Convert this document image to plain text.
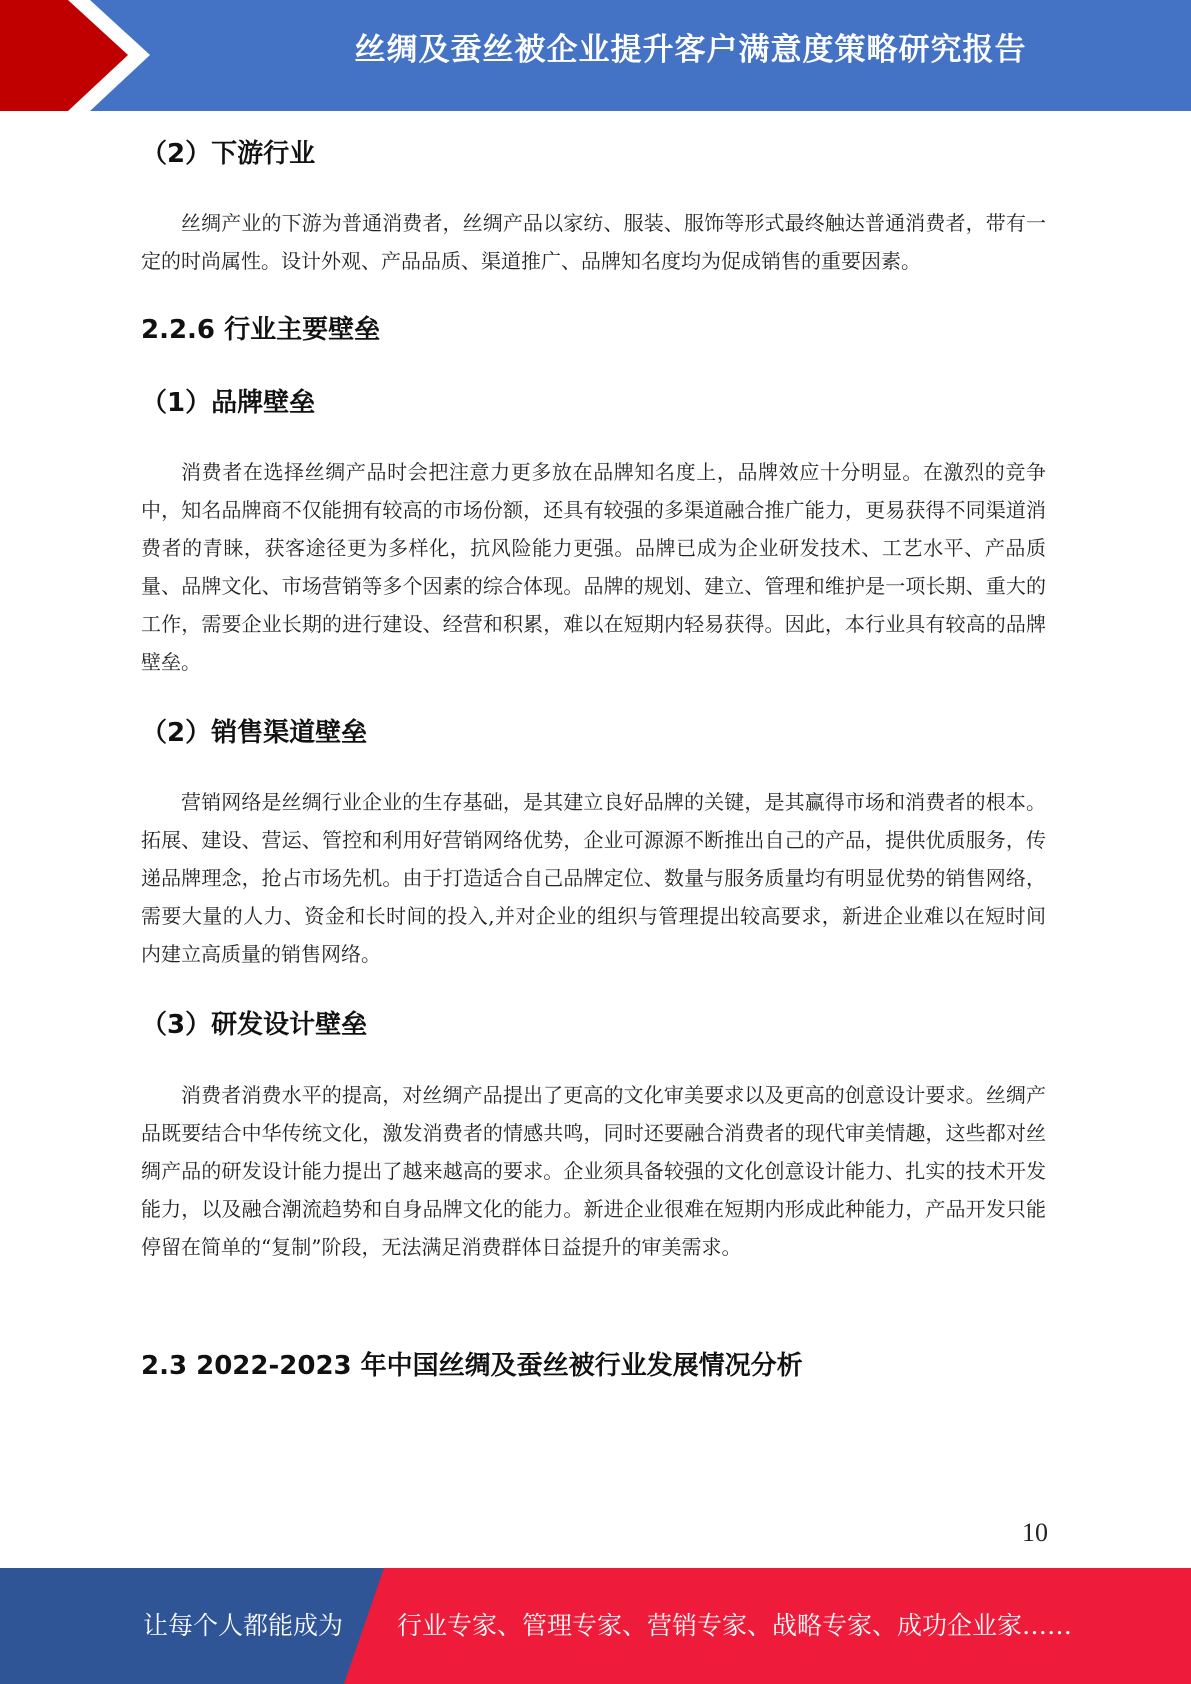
丝绸及蚕丝被企业提升客户满意度策略研究报告
（2）下游行业

丝绸产业的下游为普通消费者，丝绸产品以家纺、服装、服饰等形式最终触达普通消费者，带有一定的时尚属性。设计外观、产品品质、渠道推广、品牌知名度均为促成销售的重要因素。

2.2.6 行业主要壁垒
（1）品牌壁垒

消费者在选择丝绸产品时会把注意力更多放在品牌知名度上，品牌效应十分明显。在激烈的竞争中，知名品牌商不仅能拥有较高的市场份额，还具有较强的多渠道融合推广能力，更易获得不同渠道消费者的青睐，获客途径更为多样化，抗风险能力更强。品牌已成为企业研发技术、工艺水平、产品质量、品牌文化、市场营销等多个因素的综合体现。品牌的规划、建立、管理和维护是一项长期、重大的工作，需要企业长期的进行建设、经营和积累，难以在短期内轻易获得。因此，本行业具有较高的品牌壁垒。

（2）销售渠道壁垒

营销网络是丝绸行业企业的生存基础，是其建立良好品牌的关键，是其赢得市场和消费者的根本。拓展、建设、营运、管控和利用好营销网络优势，企业可源源不断推出自己的产品，提供优质服务，传递品牌理念，抢占市场先机。由于打造适合自己品牌定位、数量与服务质量均有明显优势的销售网络，需要大量的人力、资金和长时间的投入,并对企业的组织与管理提出较高要求，新进企业难以在短时间内建立高质量的销售网络。

（3）研发设计壁垒

消费者消费水平的提高，对丝绸产品提出了更高的文化审美要求以及更高的创意设计要求。丝绸产品既要结合中华传统文化，激发消费者的情感共鸣，同时还要融合消费者的现代审美情趣，这些都对丝绸产品的研发设计能力提出了越来越高的要求。企业须具备较强的文化创意设计能力、扎实的技术开发能力，以及融合潮流趋势和自身品牌文化的能力。新进企业很难在短期内形成此种能力，产品开发只能停留在简单的“复制”阶段，无法满足消费群体日益提升的审美需求。

2.3 2022-2023 年中国丝绸及蚕丝被行业发展情况分析
10
让每个人都能成为 行业专家、管理专家、营销专家、战略专家、成功企业家……
